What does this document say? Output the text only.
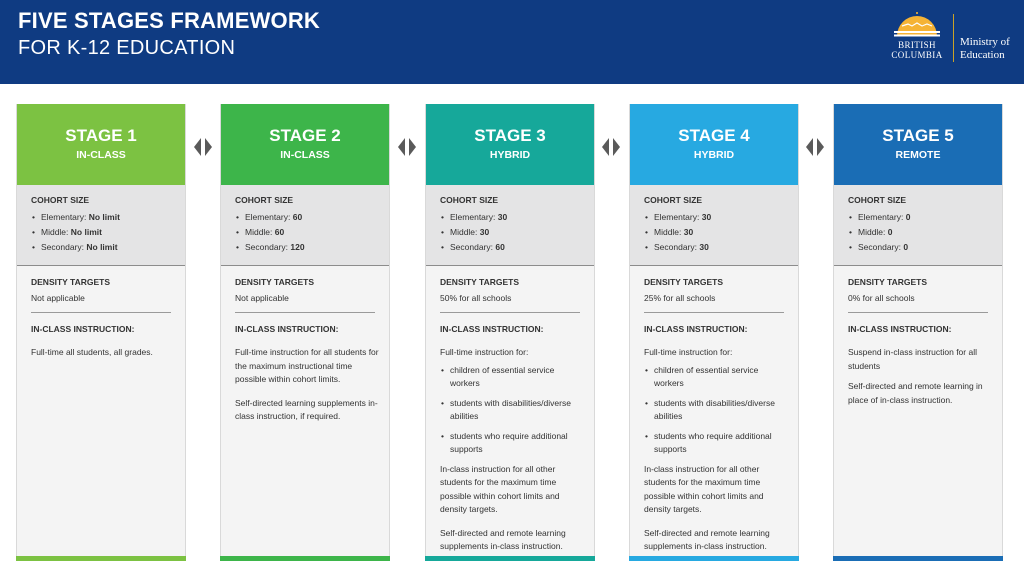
FIVE STAGES FRAMEWORK
FOR K-12 EDUCATION	BRITISH
COLUMBIA
Ministry of
Education
STAGE 1
IN-CLASS
COHORT SIZE
• Elementary: No limit
• Middle: No limit
• Secondary: No limit
DENSITY TARGETS
Not applicable
IN-CLASS INSTRUCTION:
Full-time all students, all grades.
STAGE 2
IN-CLASS
COHORT SIZE
• Elementary: 60
• Middle: 60
• Secondary: 120
DENSITY TARGETS
Not applicable
IN-CLASS INSTRUCTION:
Full-time instruction for all students for the maximum instructional time possible within cohort limits.
Self-directed learning supplements in-class instruction, if required.
STAGE 3
HYBRID
COHORT SIZE
• Elementary: 30
• Middle: 30
• Secondary: 60
DENSITY TARGETS
50% for all schools
IN-CLASS INSTRUCTION:
Full-time instruction for:
• children of essential service workers
• students with disabilities/diverse abilities
• students who require additional supports
In-class instruction for all other students for the maximum time possible within cohort limits and density targets.
Self-directed and remote learning supplements in-class instruction.
STAGE 4
HYBRID
COHORT SIZE
• Elementary: 30
• Middle: 30
• Secondary: 30
DENSITY TARGETS
25% for all schools
IN-CLASS INSTRUCTION:
Full-time instruction for:
• children of essential service workers
• students with disabilities/diverse abilities
• students who require additional supports
In-class instruction for all other students for the maximum time possible within cohort limits and density targets.
Self-directed and remote learning supplements in-class instruction.
STAGE 5
REMOTE
COHORT SIZE
• Elementary: 0
• Middle: 0
• Secondary: 0
DENSITY TARGETS
0% for all schools
IN-CLASS INSTRUCTION:
Suspend in-class instruction for all students
Self-directed and remote learning in place of in-class instruction.
